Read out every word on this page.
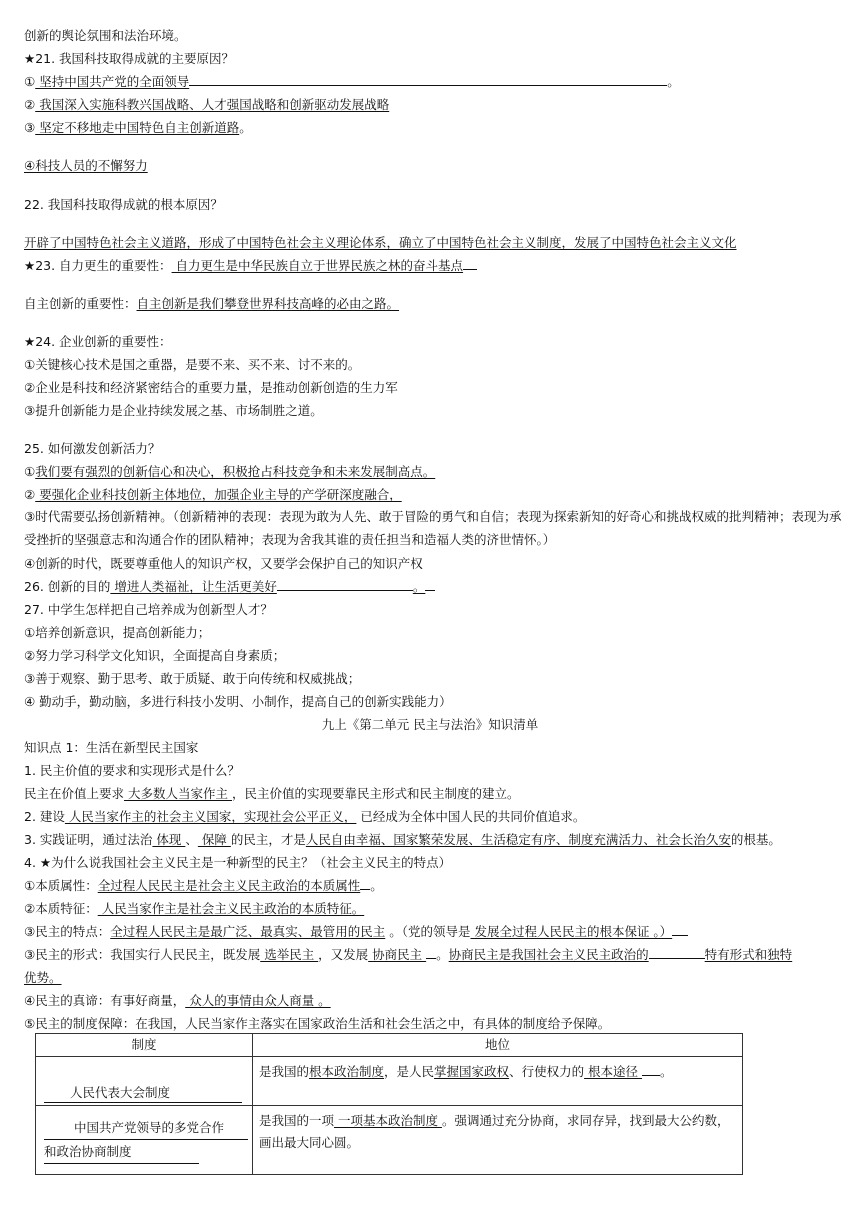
创新的舆论氛围和法治环境。
★21. 我国科技取得成就的主要原因？
① 坚持中国共产党的全面领导	。
② 我国深入实施科教兴国战略、人才强国战略和创新驱动发展战略
③ 坚定不移地走中国特色自主创新道路。
④科技人员的不懈努力
22. 我国科技取得成就的根本原因？
开辟了中国特色社会主义道路，形成了中国特色社会主义理论体系，确立了中国特色社会主义制度，发展了中国特色社会主义文化
★23. 自力更生的重要性： 自力更生是中华民族自立于世界民族之林的奋斗基点
自主创新的重要性：自主创新是我们攀登世界科技高峰的必由之路。
★24. 企业创新的重要性：
①关键核心技术是国之重器，是要不来、买不来、讨不来的。
②企业是科技和经济紧密结合的重要力量，是推动创新创造的生力军
③提升创新能力是企业持续发展之基、市场制胜之道。
25. 如何激发创新活力？
①我们要有强烈的创新信心和决心，积极抢占科技竞争和未来发展制高点。
② 要强化企业科技创新主体地位，加强企业主导的产学研深度融合，
③时代需要弘扬创新精神。（创新精神的表现：表现为敢为人先、敢于冒险的勇气和自信；表现为探索新知的好奇心和挑战权威的批判精神；表现为承受挫折的坚强意志和沟通合作的团队精神；表现为舍我其谁的责任担当和造福人类的济世情怀。）
④创新的时代，既要尊重他人的知识产权，又要学会保护自己的知识产权
26. 创新的目的 增进人类福祉，让生活更美好	。
27. 中学生怎样把自己培养成为创新型人才？
①培养创新意识，提高创新能力；
②努力学习科学文化知识，全面提高自身素质；
③善于观察、勤于思考、敢于质疑、敢于向传统和权威挑战；
④ 勤动手，勤动脑，多进行科技小发明、小制作，提高自己的创新实践能力）
九上《第二单元 民主与法治》知识清单
知识点 1：生活在新型民主国家
1. 民主价值的要求和实现形式是什么？
民主在价值上要求 大多数人当家作主 ，民主价值的实现要靠民主形式和民主制度的建立。
2. 建设 人民当家作主的社会主义国家，实现社会公平正义， 已经成为全体中国人民的共同价值追求。
3. 实践证明，通过法治 体现 、 保障 的民主，才是人民自由幸福、国家繁荣发展、生活稳定有序、制度充满活力、社会长治久安的根基。
4. ★为什么说我国社会主义民主是一种新型的民主？（社会主义民主的特点）
①本质属性：全过程人民民主是社会主义民主政治的本质属性 。
②本质特征： 人民当家作主是社会主义民主政治的本质特征。
③民主的特点：全过程人民民主是最广泛、最真实、最管用的民主 。（党的领导是 发展全过程人民民主的根本保证 。）
③民主的形式：我国实行人民民主，既发展 选举民主 ，又发展 协商民主 。协商民主是我国社会主义民主政治的	特有形式和独特
优势。
④民主的真谛：有事好商量， 众人的事情由众人商量 。
⑤民主的制度保障：在我国，人民当家作主落实在国家政治生活和社会生活之中，有具体的制度给予保障。
制度	地位

人民代表大会制度	是我国的根本政治制度，是人民掌握国家政权、行使权力的 根本途径 。

中国共产党领导的多党合作
和政治协商制度	是我国的一项 一项基本政治制度 。强调通过充分协商，求同存异，找到最大公约数，画出最大同心圆。
